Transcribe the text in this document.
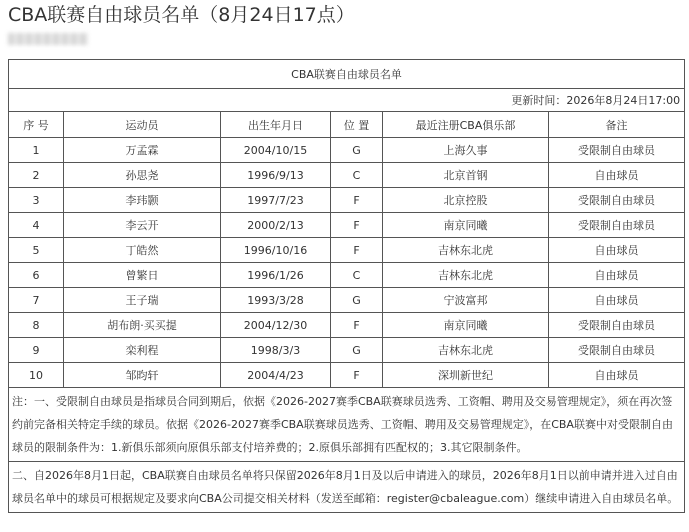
CBA联赛自由球员名单（8月24日17点）
CBA联赛自由球员名单					
更新时间：2026年8月24日17:00					
序 号	运动员	出生年月日	位 置	最近注册CBA俱乐部	备注
1	万孟霖	2004/10/15	G	上海久事	受限制自由球员
2	孙思尧	1996/9/13	C	北京首钢	自由球员
3	李玮颢	1997/7/23	F	北京控股	受限制自由球员
4	李云开	2000/2/13	F	南京同曦	受限制自由球员
5	丁皓然	1996/10/16	F	吉林东北虎	自由球员
6	曾繁日	1996/1/26	C	吉林东北虎	自由球员
7	王子瑞	1993/3/28	G	宁波富邦	自由球员
8	胡布朗·买买提	2004/12/30	F	南京同曦	受限制自由球员
9	栾利程	1998/3/3	G	吉林东北虎	受限制自由球员
10	邹昀轩	2004/4/23	F	深圳新世纪	自由球员
注：一、受限制自由球员是指球员合同到期后，依据《2026-2027赛季CBA联赛球员选秀、工资帽、聘用及交易管理规定》，须在再次签约前完备相关特定手续的球员。依据《2026-2027赛季CBA联赛球员选秀、工资帽、聘用及交易管理规定》，在CBA联赛中对受限制自由球员的限制条件为：1.新俱乐部须向原俱乐部支付培养费的；2.原俱乐部拥有匹配权的；3.其它限制条件。					
二、自2026年8月1日起，CBA联赛自由球员名单将只保留2026年8月1日及以后申请进入的球员，2026年8月1日以前申请并进入过自由球员名单中的球员可根据规定及要求向CBA公司提交相关材料（发送至邮箱：register@cbaleague.com）继续申请进入自由球员名单。					
